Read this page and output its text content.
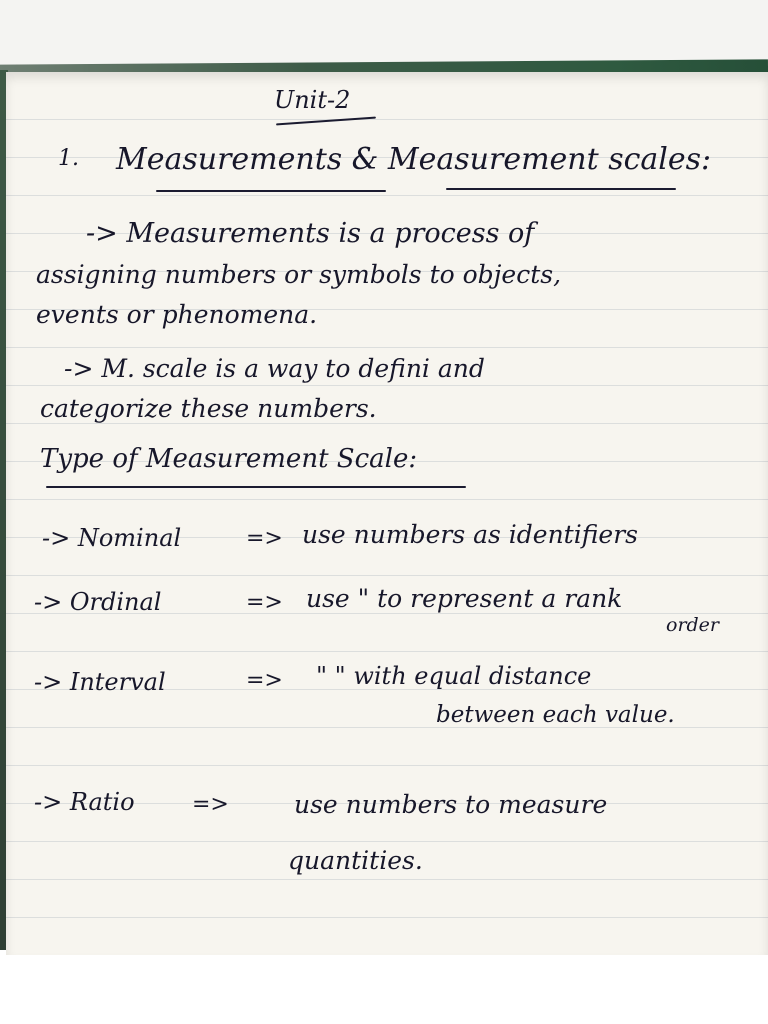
Unit-2
1. Measurements & Measurement scales:
-> Measurements is a process of
assigning numbers or symbols to objects,
events or phenomena.
-> M. scale is a way to defini and
categorize these numbers.
Type of Measurement Scale:
-> Nominal	=> use numbers as identifiers
-> Ordinal	=> use " to represent a rank
order
-> Interval	=> " " with equal distance
between each value.
-> Ratio	=>	use numbers to measure
quantities.
